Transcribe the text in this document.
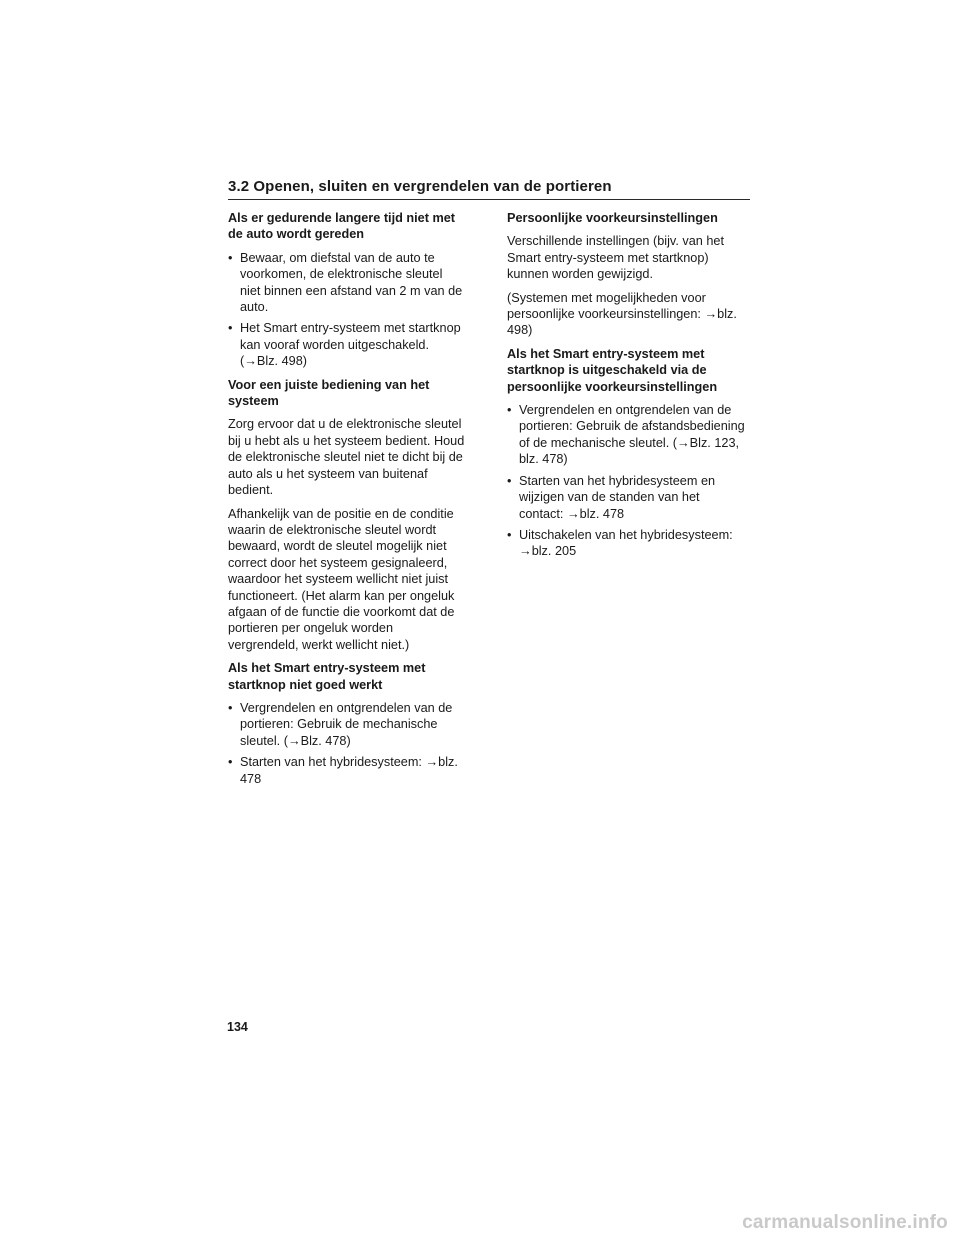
3.2 Openen, sluiten en vergrendelen van de portieren
Als er gedurende langere tijd niet met de auto wordt gereden
• Bewaar, om diefstal van de auto te voorkomen, de elektronische sleutel niet binnen een afstand van 2 m van de auto.
• Het Smart entry-systeem met startknop kan vooraf worden uitgeschakeld. (→Blz. 498)
Voor een juiste bediening van het systeem

Zorg ervoor dat u de elektronische sleutel bij u hebt als u het systeem bedient. Houd de elektronische sleutel niet te dicht bij de auto als u het systeem van buitenaf bedient.

Afhankelijk van de positie en de conditie waarin de elektronische sleutel wordt bewaard, wordt de sleutel mogelijk niet correct door het systeem gesignaleerd, waardoor het systeem wellicht niet juist functioneert. (Het alarm kan per ongeluk afgaan of de functie die voorkomt dat de portieren per ongeluk worden vergrendeld, werkt wellicht niet.)

Als het Smart entry-systeem met startknop niet goed werkt
• Vergrendelen en ontgrendelen van de portieren: Gebruik de mechanische sleutel. (→Blz. 478)
• Starten van het hybridesysteem: →blz. 478
Persoonlijke voorkeursinstellingen

Verschillende instellingen (bijv. van het Smart entry-systeem met startknop) kunnen worden gewijzigd.

(Systemen met mogelijkheden voor persoonlijke voorkeursinstellingen: →blz. 498)

Als het Smart entry-systeem met startknop is uitgeschakeld via de persoonlijke voorkeursinstellingen
• Vergrendelen en ontgrendelen van de portieren: Gebruik de afstandsbediening of de mechanische sleutel. (→Blz. 123, blz. 478)
• Starten van het hybridesysteem en wijzigen van de standen van het contact: →blz. 478
• Uitschakelen van het hybridesysteem: →blz. 205
134
carmanualsonline.info
